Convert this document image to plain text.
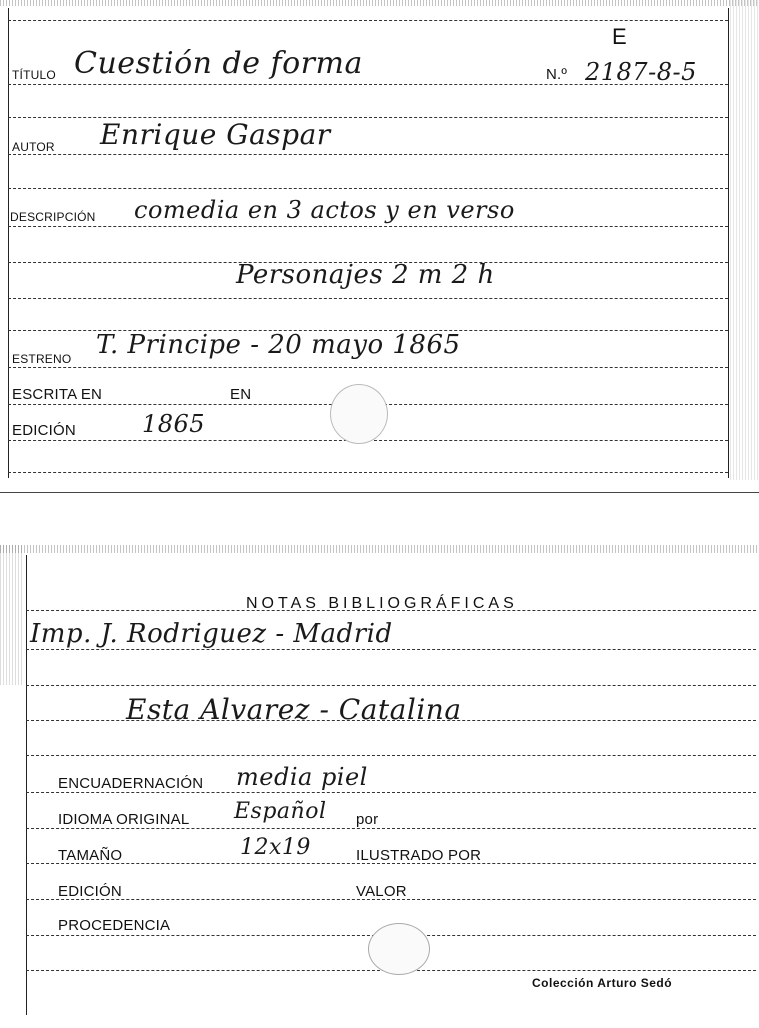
E
TÍTULO Cuestión de forma	N.º 2187-8-5
AUTOR Enrique Gaspar
DESCRIPCIÓN comedia en 3 actos y en verso
Personajes 2 m 2 h
ESTRENO T. Principe - 20 mayo 1865
ESCRITA EN	EN
EDICIÓN	1865
NOTAS BIBLIOGRÁFICAS
Imp. J. Rodriguez - Madrid
Esta Alvarez - Catalina
ENCUADERNACIÓN media piel
IDIOMA ORIGINAL Español por
TAMAÑO	12x19	ILUSTRADO POR
EDICIÓN	VALOR
PROCEDENCIA
Colección Arturo Sedó
